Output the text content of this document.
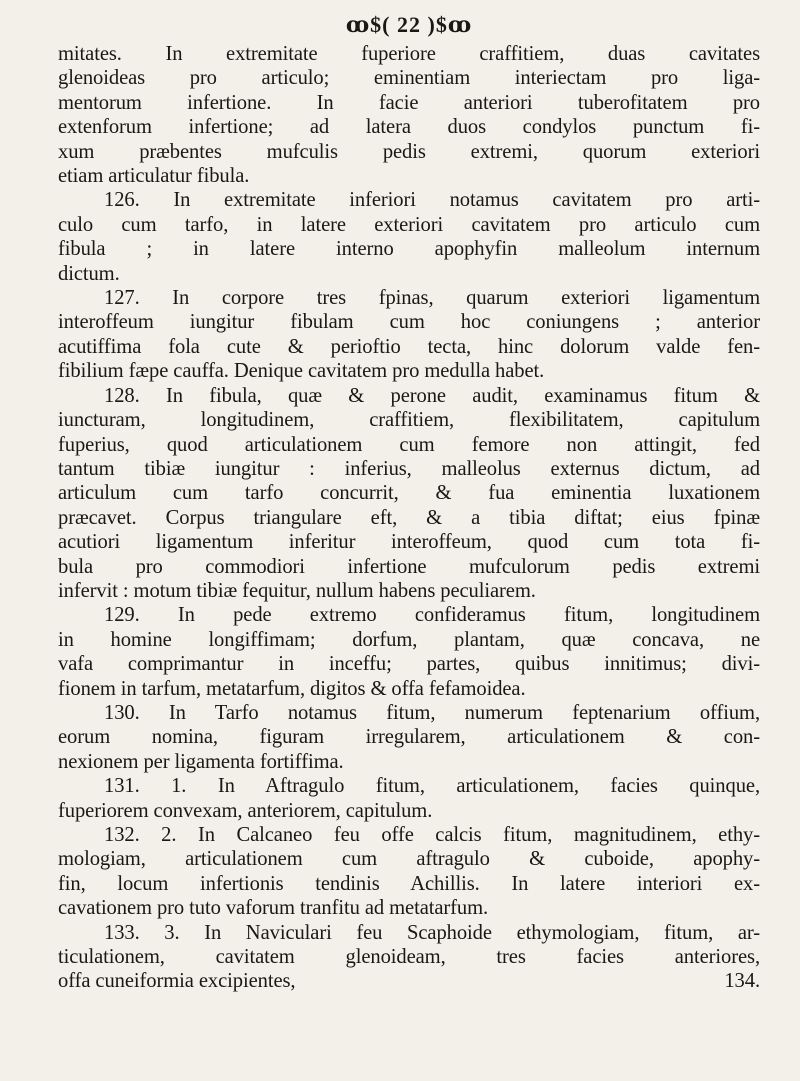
ꝏ$( 22 )$ꝏ
mitates. In extremitate fuperiore craffitiem, duas cavitates
glenoideas pro articulo; eminentiam interiectam pro liga-
mentorum infertione. In facie anteriori tuberofitatem pro
extenforum infertione; ad latera duos condylos punctum fi-
xum præbentes mufculis pedis extremi, quorum exteriori
etiam articulatur fibula.
126. In extremitate inferiori notamus cavitatem pro arti-
culo cum tarfo, in latere exteriori cavitatem pro articulo cum
fibula ; in latere interno apophyfin malleolum internum
dictum.
127. In corpore tres fpinas, quarum exteriori ligamentum
interoffeum iungitur fibulam cum hoc coniungens ; anterior
acutiffima fola cute & perioftio tecta, hinc dolorum valde fen-
fibilium fæpe cauffa. Denique cavitatem pro medulla habet.
128. In fibula, quæ & perone audit, examinamus fitum &
iuncturam, longitudinem, craffitiem, flexibilitatem, capitulum
fuperius, quod articulationem cum femore non attingit, fed
tantum tibiæ iungitur : inferius, malleolus externus dictum, ad
articulum cum tarfo concurrit, & fua eminentia luxationem
præcavet. Corpus triangulare eft, & a tibia diftat; eius fpinæ
acutiori ligamentum inferitur interoffeum, quod cum tota fi-
bula pro commodiori infertione mufculorum pedis extremi
infervit : motum tibiæ fequitur, nullum habens peculiarem.
129. In pede extremo confideramus fitum, longitudinem
in homine longiffimam; dorfum, plantam, quæ concava, ne
vafa comprimantur in inceffu; partes, quibus innitimus; divi-
fionem in tarfum, metatarfum, digitos & offa fefamoidea.
130. In Tarfo notamus fitum, numerum feptenarium offium,
eorum nomina, figuram irregularem, articulationem & con-
nexionem per ligamenta fortiffima.
131. 1. In Aftragulo fitum, articulationem, facies quinque,
fuperiorem convexam, anteriorem, capitulum.
132. 2. In Calcaneo feu offe calcis fitum, magnitudinem, ethy-
mologiam, articulationem cum aftragulo & cuboide, apophy-
fin, locum infertionis tendinis Achillis. In latere interiori ex-
cavationem pro tuto vaforum tranfitu ad metatarfum.
133. 3. In Naviculari feu Scaphoide ethymologiam, fitum, ar-
ticulationem, cavitatem glenoideam, tres facies anteriores,
offa cuneiformia excipientes,	134.
